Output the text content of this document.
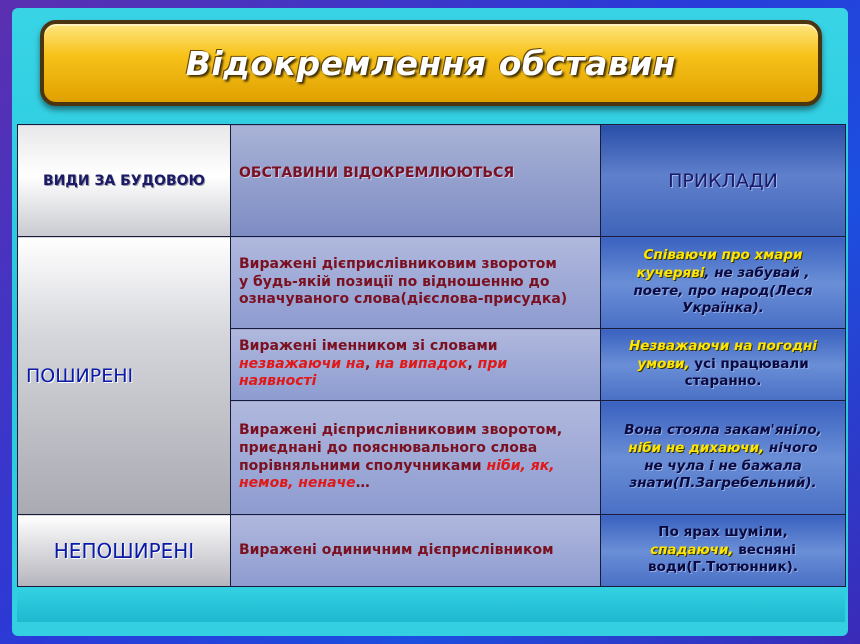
Відокремлення обставин
ВИДИ ЗА БУДОВОЮ	ОБСТАВИНИ ВІДОКРЕМЛЮЮТЬСЯ	ПРИКЛАДИ
ПОШИРЕНІ	Виражені дієприслівниковим зворотом
у будь-якій позиції по відношенню до
означуваного слова(дієслова-присудка)	Співаючи про хмари
кучеряві, не забувай ,
поете, про народ(Леся
Українка).
	Виражені іменником зі словами
незважаючи на, на випадок, при
наявності	Незважаючи на погодні
умови, усі працювали
старанно.
	Виражені дієприслівниковим зворотом,
приєднані до пояснювального слова
порівняльними сполучниками ніби, як,
немов, неначе…	Вона стояла закам'яніло,
ніби не дихаючи, нічого
не чула і не бажала
знати(П.Загребельний).
НЕПОШИРЕНІ	Виражені одиничним дієприслівником	По ярах шуміли,
спадаючи, весняні
води(Г.Тютюнник).
